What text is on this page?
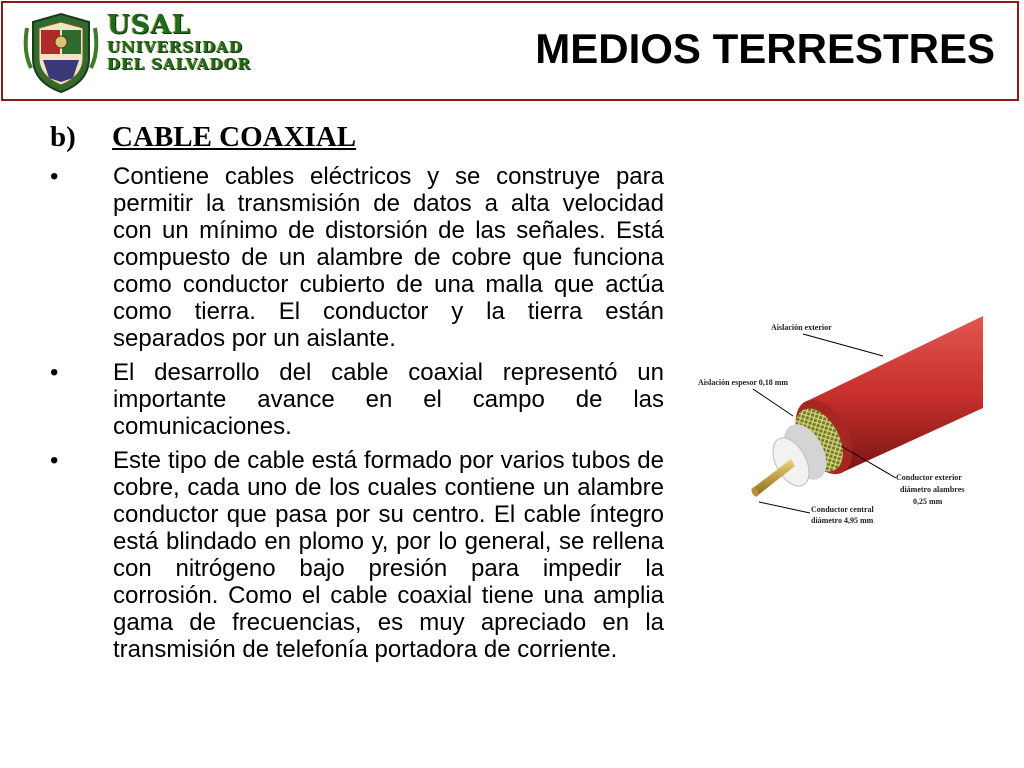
USAL
UNIVERSIDAD
DEL SALVADOR	MEDIOS TERRESTRES
b) CABLE COAXIAL
•	Contiene cables eléctricos y se construye para permitir la transmisión de datos a alta velocidad con un mínimo de distorsión de las señales. Está compuesto de un alambre de cobre que funciona como conductor cubierto de una malla que actúa como tierra. El conductor y la tierra están separados por un aislante.
•	El desarrollo del cable coaxial representó un importante avance en el campo de las comunicaciones.
•	Este tipo de cable está formado por varios tubos de cobre, cada uno de los cuales contiene un alambre conductor que pasa por su centro. El cable íntegro está blindado en plomo y, por lo general, se rellena con nitrógeno bajo presión para impedir la corrosión. Como el cable coaxial tiene una amplia gama de frecuencias, es muy apreciado en la transmisión de telefonía portadora de corriente.
Aislación exterior
Aislación espesor 0,18 mm
Conductor exterior
diámetro alambres
0,25 mm
Conductor central
diámetro 4,95 mm
